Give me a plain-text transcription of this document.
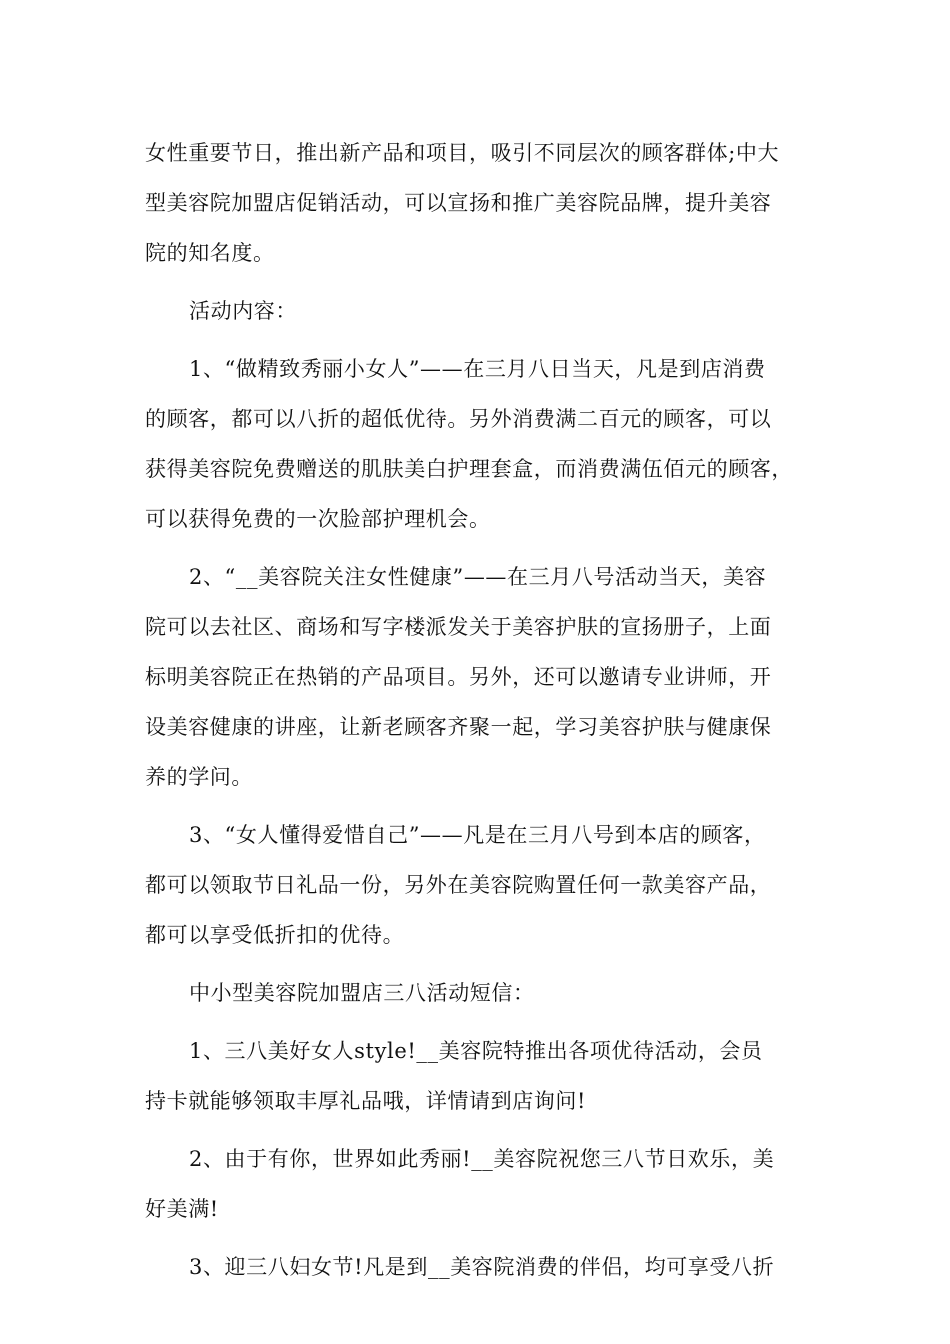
女性重要节日，推出新产品和项目，吸引不同层次的顾客群体;中大

型美容院加盟店促销活动，可以宣扬和推广美容院品牌，提升美容

院的知名度。

活动内容：

1、“做精致秀丽小女人”——在三月八日当天，凡是到店消费

的顾客，都可以八折的超低优待。另外消费满二百元的顾客，可以

获得美容院免费赠送的肌肤美白护理套盒，而消费满伍佰元的顾客，

可以获得免费的一次脸部护理机会。

2、“__美容院关注女性健康”——在三月八号活动当天，美容

院可以去社区、商场和写字楼派发关于美容护肤的宣扬册子，上面

标明美容院正在热销的产品项目。另外，还可以邀请专业讲师，开

设美容健康的讲座，让新老顾客齐聚一起，学习美容护肤与健康保

养的学问。

3、“女人懂得爱惜自己”——凡是在三月八号到本店的顾客，

都可以领取节日礼品一份，另外在美容院购置任何一款美容产品，

都可以享受低折扣的优待。

中小型美容院加盟店三八活动短信：

1、三八美好女人style!__美容院特推出各项优待活动，会员

持卡就能够领取丰厚礼品哦，详情请到店询问!

2、由于有你，世界如此秀丽!__美容院祝您三八节日欢乐，美

好美满!

3、迎三八妇女节!凡是到__美容院消费的伴侣，均可享受八折
